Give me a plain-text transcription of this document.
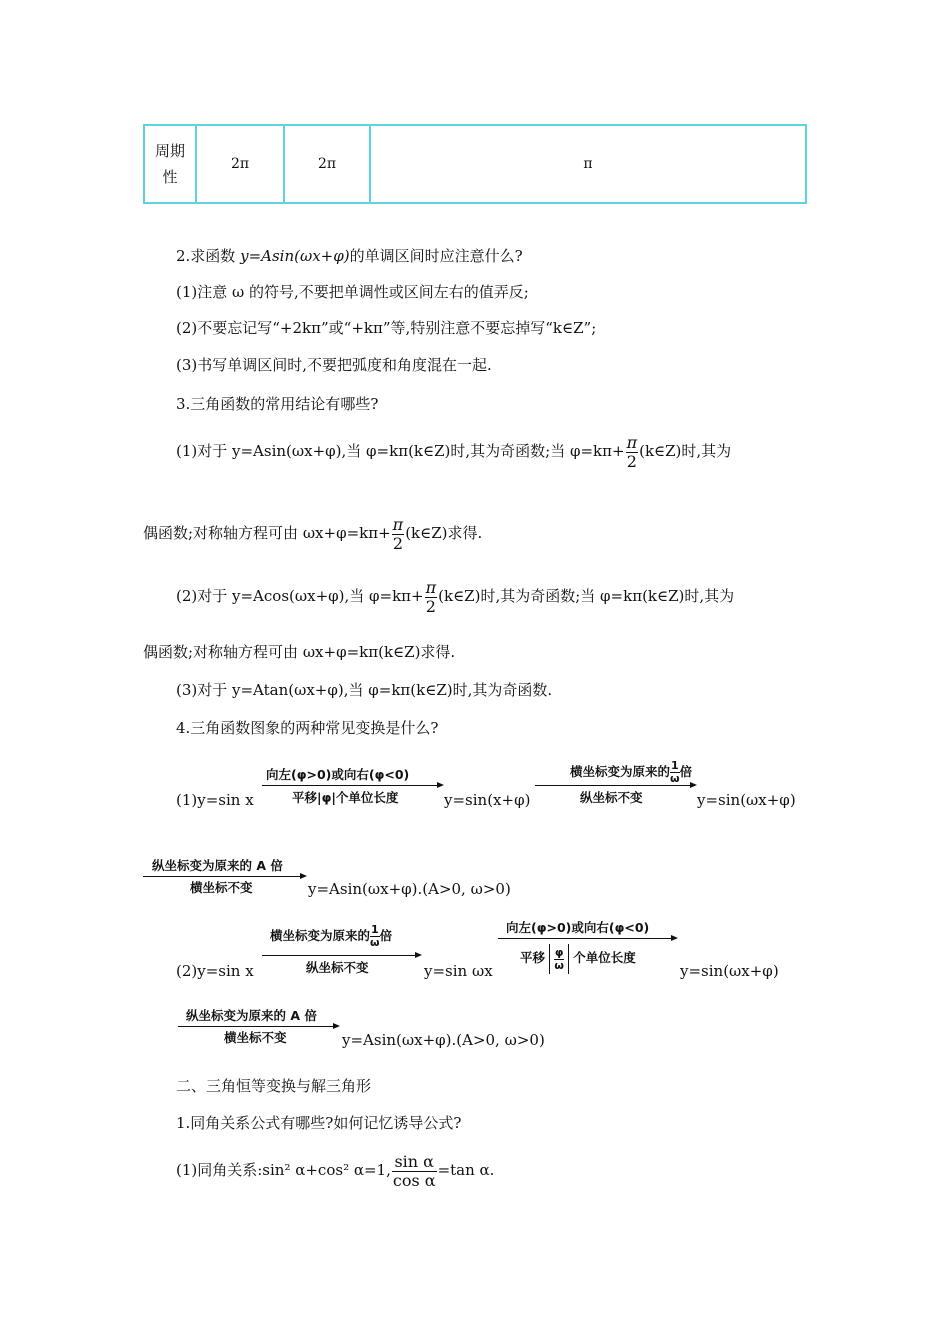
周期
性	2π	2π	π
2.求函数 y=Asin(ωx+φ)的单调区间时应注意什么?
(1)注意 ω 的符号,不要把单调性或区间左右的值弄反;
(2)不要忘记写“+2kπ”或“+kπ”等,特别注意不要忘掉写“k∈Z”;
(3)书写单调区间时,不要把弧度和角度混在一起.
3.三角函数的常用结论有哪些?
(1)对于 y=Asin(ωx+φ),当 φ=kπ(k∈Z)时,其为奇函数;当 $\varphi=k\pi+ \frac{\pi}{2}$ (k∈Z)时,其为
偶函数;对称轴方程可由 $\omega x+\varphi=k\pi+ \frac{\pi}{2}$ (k∈Z)求得.
(2)对于 y=Acos(ωx+φ),当 $\varphi=k\pi+ \frac{\pi}{2}$ (k∈Z)时,其为奇函数;当 φ=kπ(k∈Z)时,其为
偶函数;对称轴方程可由 ωx+φ=kπ(k∈Z)求得.
(3)对于 y=Atan(ωx+φ),当 φ=kπ(k∈Z)时,其为奇函数.
4.三角函数图象的两种常见变换是什么?
(1)y=sin x
向左(φ>0)或向右(φ<0)
平移|φ|个单位长度	y=sin(x+φ)
横坐标变为原来的 $\frac{1}{\omega}$倍
纵坐标不变	y=sin(ωx+φ)
纵坐标变为原来的 A 倍
横坐标不变	y=Asin(ωx+φ).(A>0, ω>0)
(2)y=sin x
横坐标变为原来的 $\frac{1}{\omega}$倍
纵坐标不变	y=sin ωx
向左(φ>0)或向右(φ<0)
平移 $\frac{\varphi}{\omega}$ 个单位长度
y=sin(ωx+φ)
纵坐标变为原来的 A 倍
横坐标不变	y=Asin(ωx+φ).(A>0, ω>0)
二、三角恒等变换与解三角形
1.同角关系公式有哪些?如何记忆诱导公式?
(1)同角关系:sin² α+cos² α=1, $\frac{\text{sin α}}{\text{cos α}} =\tan$ α.
